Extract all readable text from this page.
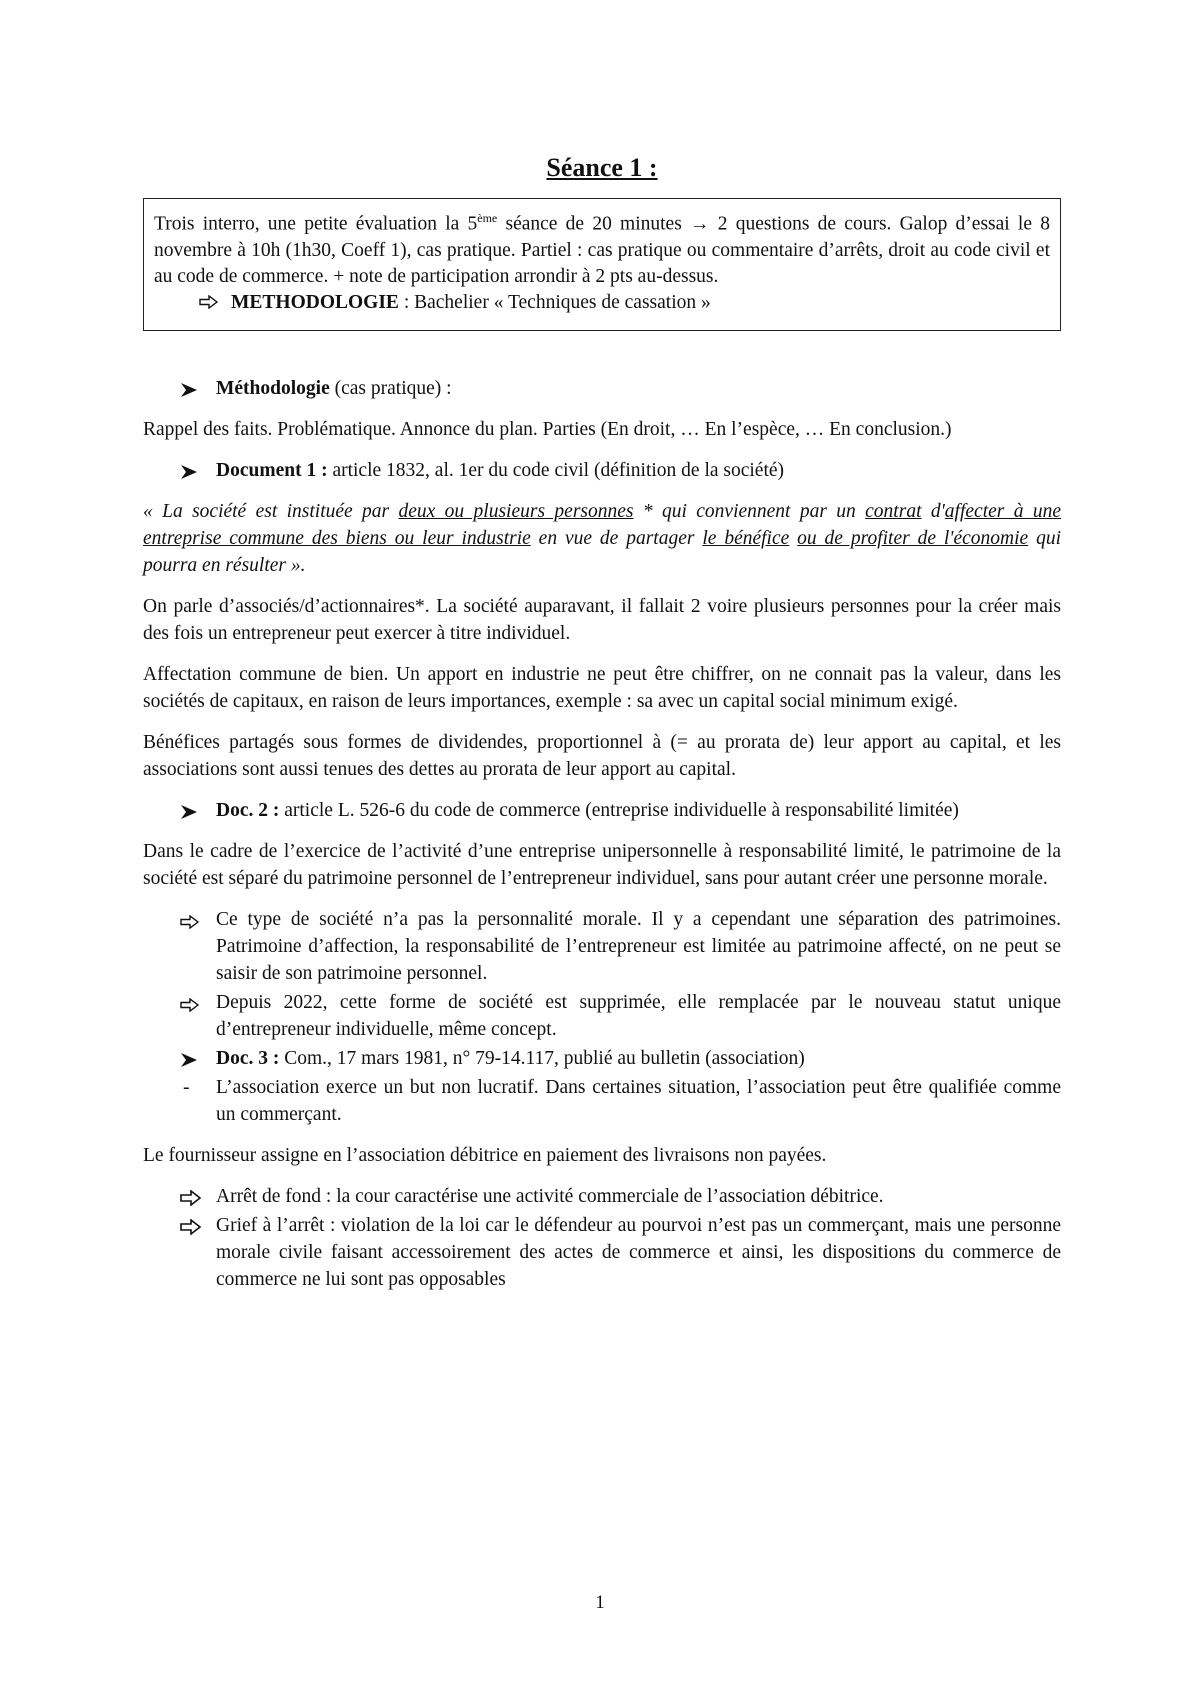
Séance 1 :
Trois interro, une petite évaluation la 5ème séance de 20 minutes → 2 questions de cours. Galop d’essai le 8 novembre à 10h (1h30, Coeff 1), cas pratique. Partiel : cas pratique ou commentaire d’arrêts, droit au code civil et au code de commerce. + note de participation arrondir à 2 pts au-dessus.
METHODOLOGIE : Bachelier « Techniques de cassation »
Méthodologie (cas pratique) :

Rappel des faits. Problématique. Annonce du plan. Parties (En droit, … En l’espèce, … En conclusion.)

Document 1 : article 1832, al. 1er du code civil (définition de la société)

« La société est instituée par deux ou plusieurs personnes * qui conviennent par un contrat d'affecter à une entreprise commune des biens ou leur industrie en vue de partager le bénéfice ou de profiter de l'économie qui pourra en résulter ».

On parle d’associés/d’actionnaires*. La société auparavant, il fallait 2 voire plusieurs personnes pour la créer mais des fois un entrepreneur peut exercer à titre individuel.

Affectation commune de bien. Un apport en industrie ne peut être chiffrer, on ne connait pas la valeur, dans les sociétés de capitaux, en raison de leurs importances, exemple : sa avec un capital social minimum exigé.

Bénéfices partagés sous formes de dividendes, proportionnel à (= au prorata de) leur apport au capital, et les associations sont aussi tenues des dettes au prorata de leur apport au capital.

Doc. 2 : article L. 526-6 du code de commerce (entreprise individuelle à responsabilité limitée)

Dans le cadre de l’exercice de l’activité d’une entreprise unipersonnelle à responsabilité limité, le patrimoine de la société est séparé du patrimoine personnel de l’entrepreneur individuel, sans pour autant créer une personne morale.

Ce type de société n’a pas la personnalité morale. Il y a cependant une séparation des patrimoines. Patrimoine d’affection, la responsabilité de l’entrepreneur est limitée au patrimoine affecté, on ne peut se saisir de son patrimoine personnel.
Depuis 2022, cette forme de société est supprimée, elle remplacée par le nouveau statut unique d’entrepreneur individuelle, même concept.
Doc. 3 : Com., 17 mars 1981, n° 79-14.117, publié au bulletin (association)
- L’association exerce un but non lucratif. Dans certaines situation, l’association peut être qualifiée comme un commerçant.

Le fournisseur assigne en l’association débitrice en paiement des livraisons non payées.

Arrêt de fond : la cour caractérise une activité commerciale de l’association débitrice.
Grief à l’arrêt : violation de la loi car le défendeur au pourvoi n’est pas un commerçant, mais une personne morale civile faisant accessoirement des actes de commerce et ainsi, les dispositions du commerce de commerce ne lui sont pas opposables
1
